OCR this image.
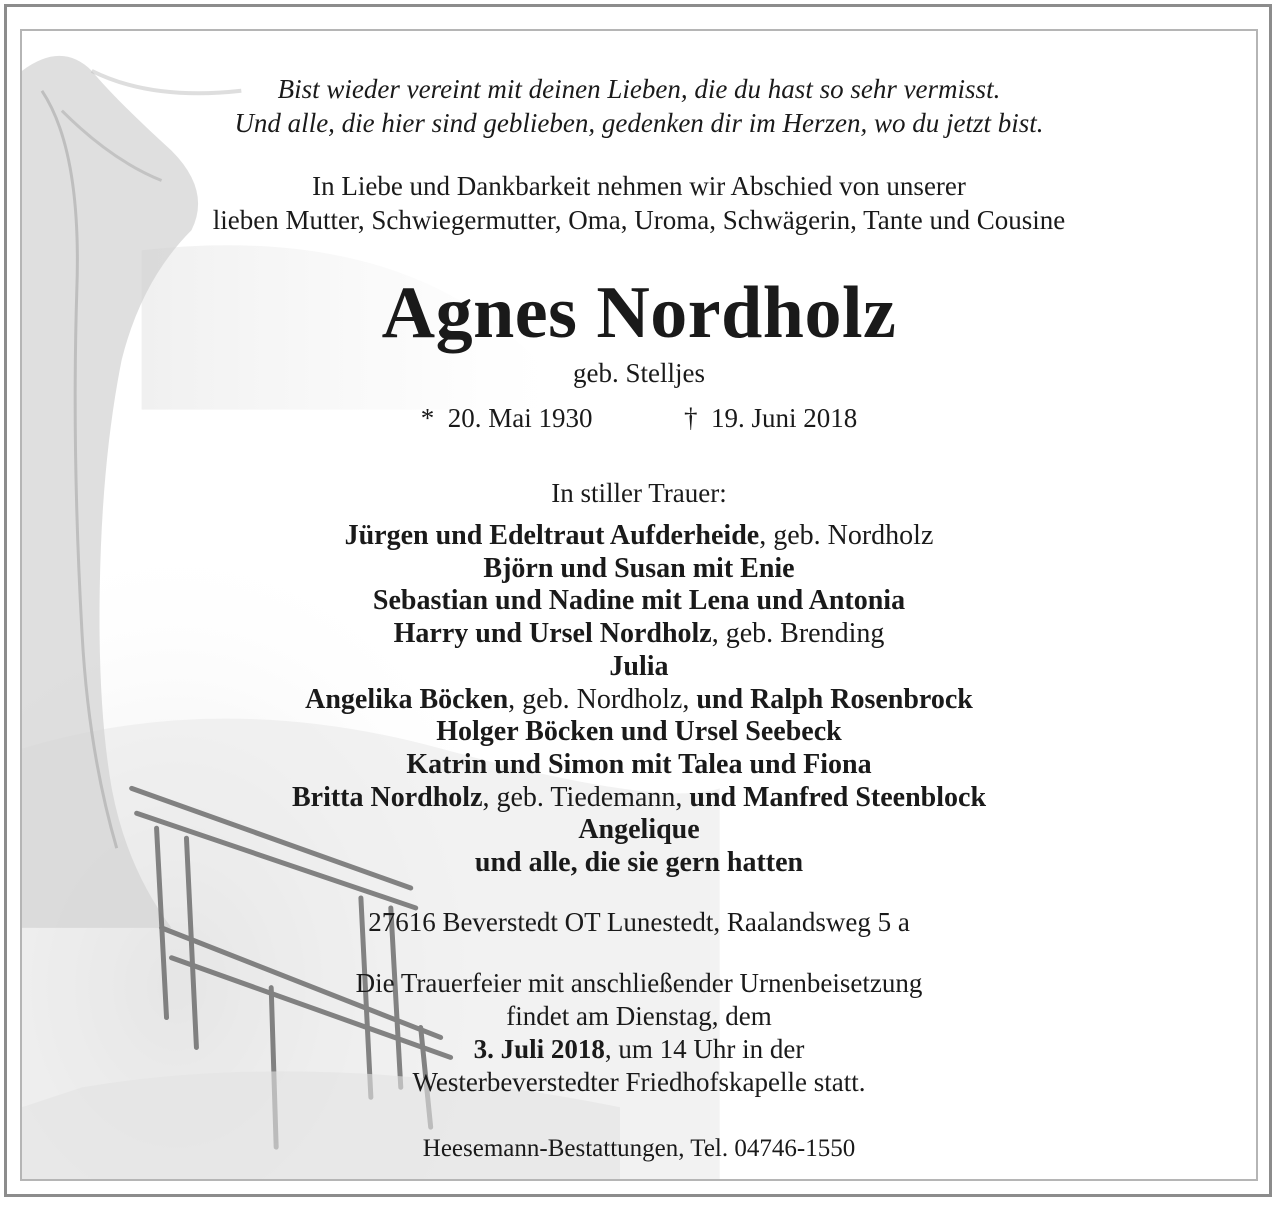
Bist wieder vereint mit deinen Lieben, die du hast so sehr vermisst.
Und alle, die hier sind geblieben, gedenken dir im Herzen, wo du jetzt bist.
In Liebe und Dankbarkeit nehmen wir Abschied von unserer
lieben Mutter, Schwiegermutter, Oma, Uroma, Schwägerin, Tante und Cousine
Agnes Nordholz
geb. Stelljes
* 20. Mai 1930	† 19. Juni 2018
In stiller Trauer:
Jürgen und Edeltraut Aufderheide, geb. Nordholz
Björn und Susan mit Enie
Sebastian und Nadine mit Lena und Antonia
Harry und Ursel Nordholz, geb. Brending
Julia
Angelika Böcken, geb. Nordholz, und Ralph Rosenbrock
Holger Böcken und Ursel Seebeck
Katrin und Simon mit Talea und Fiona
Britta Nordholz, geb. Tiedemann, und Manfred Steenblock
Angelique
und alle, die sie gern hatten
27616 Beverstedt OT Lunestedt, Raalandsweg 5 a
Die Trauerfeier mit anschließender Urnenbeisetzung
findet am Dienstag, dem
3. Juli 2018, um 14 Uhr in der
Westerbeverstedter Friedhofskapelle statt.
Heesemann-Bestattungen, Tel. 04746-1550
